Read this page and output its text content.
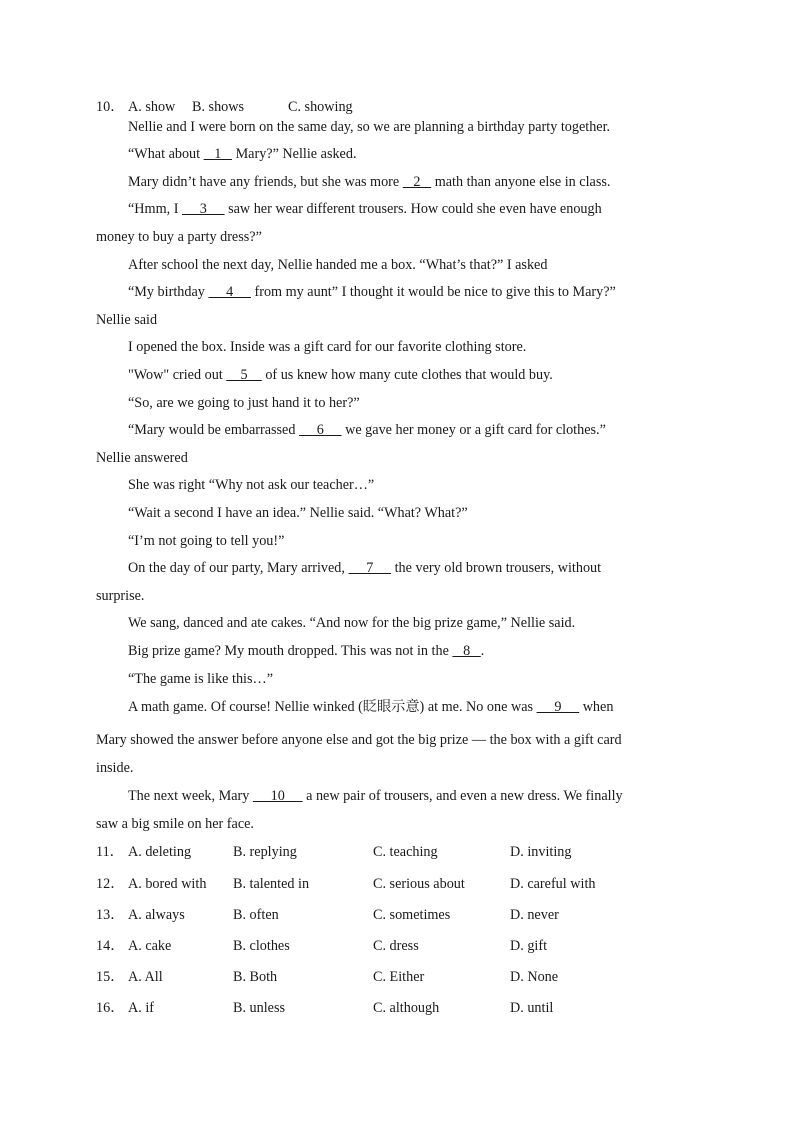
10． A. show B. shows	C. showing
Nellie and I were born on the same day, so we are planning a birthday party together.
“What about    1    Mary?” Nellie asked.
Mary didn’t have any friends, but she was more    2    math than anyone else in class.
“Hmm, I      3      saw her wear different trousers. How could she even have enough
money to buy a party dress?”
After school the next day, Nellie handed me a box. “What’s that?” I asked
“My birthday      4      from my aunt” I thought it would be nice to give this to Mary?”
Nellie said
I opened the box. Inside was a gift card for our favorite clothing store.
"Wow" cried out     5     of us knew how many cute clothes that would buy.
“So, are we going to just hand it to her?”
“Mary would be embarrassed      6      we gave her money or a gift card for clothes.”
Nellie answered
She was right “Why not ask our teacher…”
“Wait a second I have an idea.” Nellie said. “What? What?”
“I’m not going to tell you!”
On the day of our party, Mary arrived,      7      the very old brown trousers, without
surprise.
We sang, danced and ate cakes. “And now for the big prize game,” Nellie said.
Big prize game? My mouth dropped. This was not in the    8   .
“The game is like this…”
A math game. Of course! Nellie winked (眨眼示意) at me. No one was      9      when
Mary showed the answer before anyone else and got the big prize — the box with a gift card
inside.
The next week, Mary      10      a new pair of trousers, and even a new dress. We finally
saw a big smile on her face.
11． A. deleting	B. replying	C. teaching	D. inviting
12． A. bored with B. talented in	C. serious about	D. careful with
13． A. always	B. often	C. sometimes	D. never
14． A. cake	B. clothes	C. dress	D. gift
15． A. All	B. Both	C. Either	D. None
16． A. if	B. unless	C. although	D. until
